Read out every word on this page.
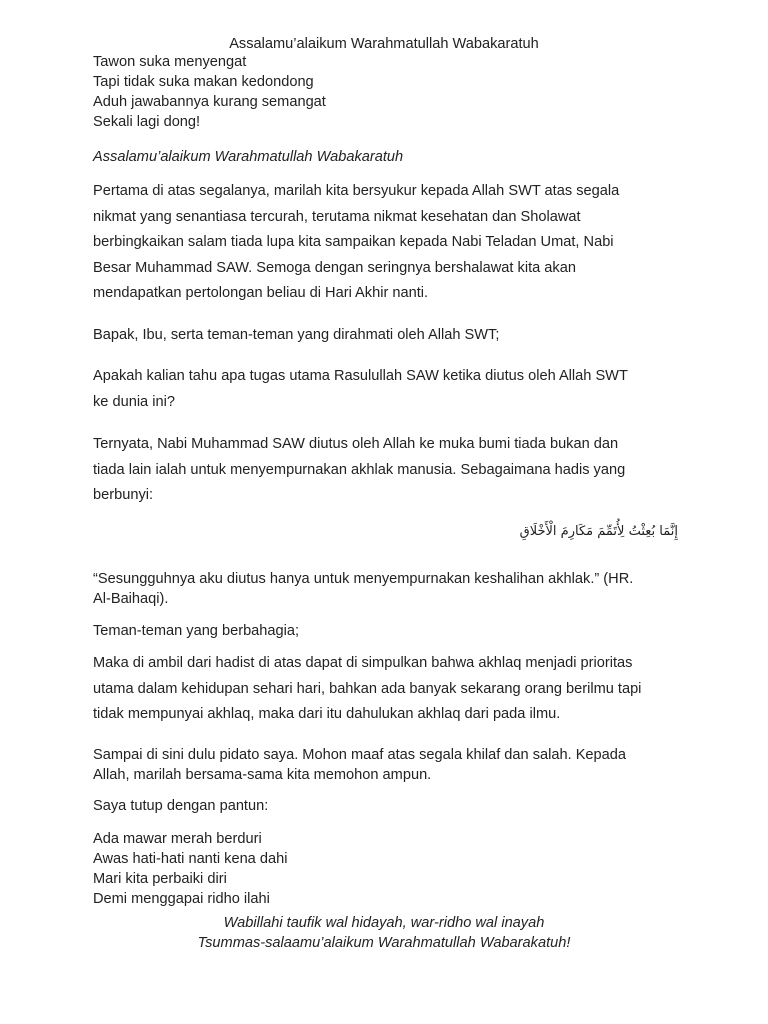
Assalamu’alaikum Warahmatullah Wabakaratuh
Tawon suka menyengat
Tapi tidak suka makan kedondong
Aduh jawabannya kurang semangat
Sekali lagi dong!
Assalamu’alaikum Warahmatullah Wabakaratuh
Pertama di atas segalanya, marilah kita bersyukur kepada Allah SWT atas segala
nikmat yang senantiasa tercurah, terutama nikmat kesehatan dan Sholawat
berbingkaikan salam tiada lupa kita sampaikan kepada Nabi Teladan Umat, Nabi
Besar Muhammad SAW. Semoga dengan seringnya bershalawat kita akan
mendapatkan pertolongan beliau di Hari Akhir nanti.
Bapak, Ibu, serta teman-teman yang dirahmati oleh Allah SWT;
Apakah kalian tahu apa tugas utama Rasulullah SAW ketika diutus oleh Allah SWT
ke dunia ini?
Ternyata, Nabi Muhammad SAW diutus oleh Allah ke muka bumi tiada bukan dan
tiada lain ialah untuk menyempurnakan akhlak manusia. Sebagaimana hadis yang
berbunyi:
إِنَّمَا بُعِثْتُ لِأُتَمِّمَ مَكَارِمَ الْأَخْلَاقِ
“Sesungguhnya aku diutus hanya untuk menyempurnakan keshalihan akhlak.” (HR.
Al-Baihaqi).
Teman-teman yang berbahagia;
Maka di ambil dari hadist di atas dapat di simpulkan bahwa akhlaq menjadi prioritas
utama dalam kehidupan sehari hari, bahkan ada banyak sekarang orang berilmu tapi
tidak mempunyai akhlaq, maka dari itu dahulukan akhlaq dari pada ilmu.
Sampai di sini dulu pidato saya. Mohon maaf atas segala khilaf dan salah. Kepada
Allah, marilah bersama-sama kita memohon ampun.
Saya tutup dengan pantun:
Ada mawar merah berduri
Awas hati-hati nanti kena dahi
Mari kita perbaiki diri
Demi menggapai ridho ilahi
Wabillahi taufik wal hidayah, war-ridho wal inayah
Tsummas-salaamu’alaikum Warahmatullah Wabarakatuh!
